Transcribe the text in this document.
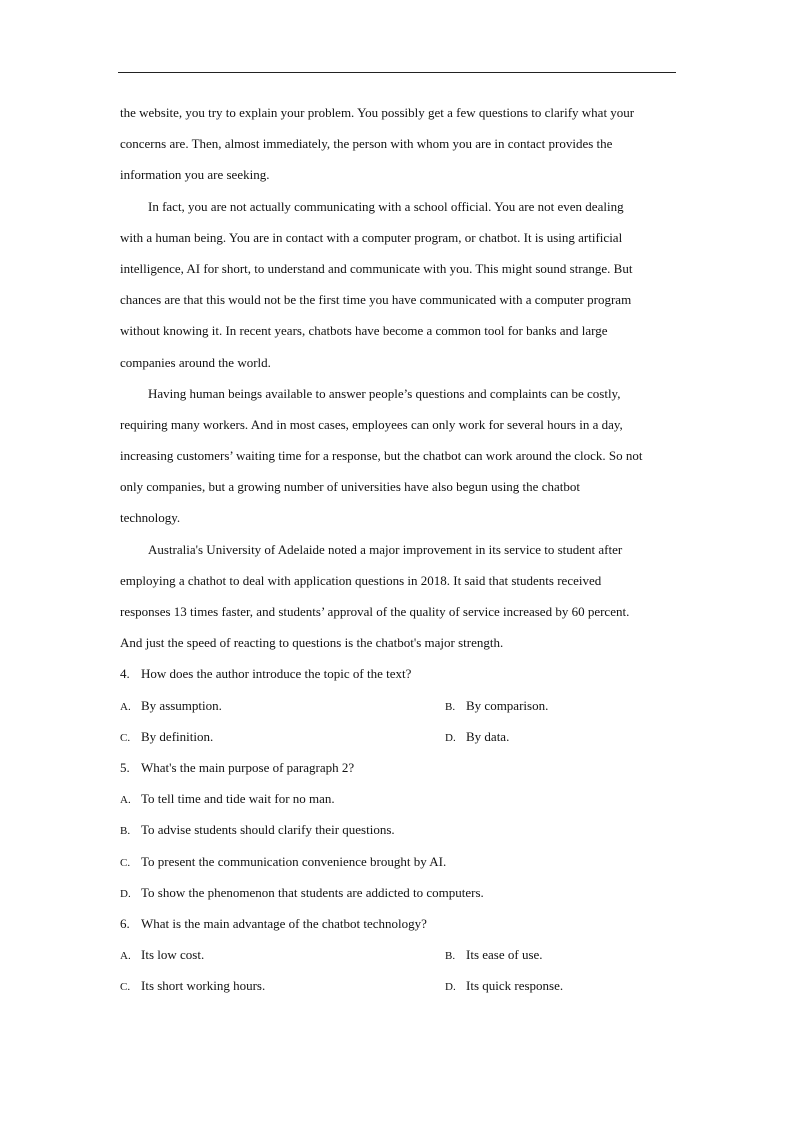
the website, you try to explain your problem. You possibly get a few questions to clarify what your
concerns are. Then, almost immediately, the person with whom you are in contact provides the
information you are seeking.
In fact, you are not actually communicating with a school official. You are not even dealing
with a human being. You are in contact with a computer program, or chatbot. It is using artificial
intelligence, AI for short, to understand and communicate with you. This might sound strange. But
chances are that this would not be the first time you have communicated with a computer program
without knowing it. In recent years, chatbots have become a common tool for banks and large
companies around the world.
Having human beings available to answer people’s questions and complaints can be costly,
requiring many workers. And in most cases, employees can only work for several hours in a day,
increasing customers’ waiting time for a response, but the chatbot can work around the clock. So not
only companies, but a growing number of universities have also begun using the chatbot
technology.
Australia's University of Adelaide noted a major improvement in its service to student after
employing a chathot to deal with application questions in 2018. It said that students received
responses 13 times faster, and students’ approval of the quality of service increased by 60 percent.
And just the speed of reacting to questions is the chatbot's major strength.
4. How does the author introduce the topic of the text?
A. By assumption.	B. By comparison.
C. By definition.	D. By data.
5. What's the main purpose of paragraph 2?
A. To tell time and tide wait for no man.
B. To advise students should clarify their questions.
C. To present the communication convenience brought by AI.
D. To show the phenomenon that students are addicted to computers.
6. What is the main advantage of the chatbot technology?
A. Its low cost.	B. Its ease of use.
C. Its short working hours.	D. Its quick response.
